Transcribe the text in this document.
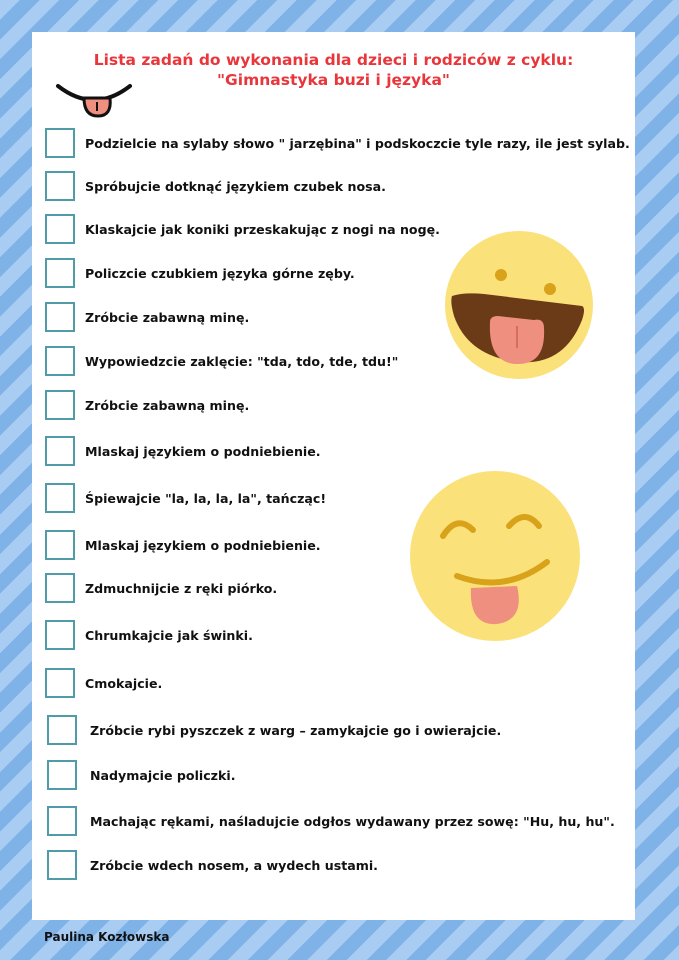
Lista zadań do wykonania dla dzieci i rodziców z cyklu:
"Gimnastyka buzi i języka"
Podzielcie na sylaby słowo " jarzębina" i podskoczcie tyle razy, ile jest sylab.
Spróbujcie dotknąć językiem czubek nosa.
Klaskajcie jak koniki przeskakując z nogi na nogę.
Policzcie czubkiem języka górne zęby.
Zróbcie zabawną minę.
Wypowiedzcie zaklęcie: "tda, tdo, tde, tdu!"
Zróbcie zabawną minę.
Mlaskaj językiem o podniebienie.
Śpiewajcie "la, la, la, la", tańcząc!
Mlaskaj językiem o podniebienie.
Zdmuchnijcie z ręki piórko.
Chrumkajcie jak świnki.
Cmokajcie.
Zróbcie rybi pyszczek z warg – zamykajcie go i owierajcie.
Nadymajcie policzki.
Machając rękami, naśladujcie odgłos wydawany przez sowę: "Hu, hu, hu".
Zróbcie wdech nosem, a wydech ustami.
Paulina Kozłowska
